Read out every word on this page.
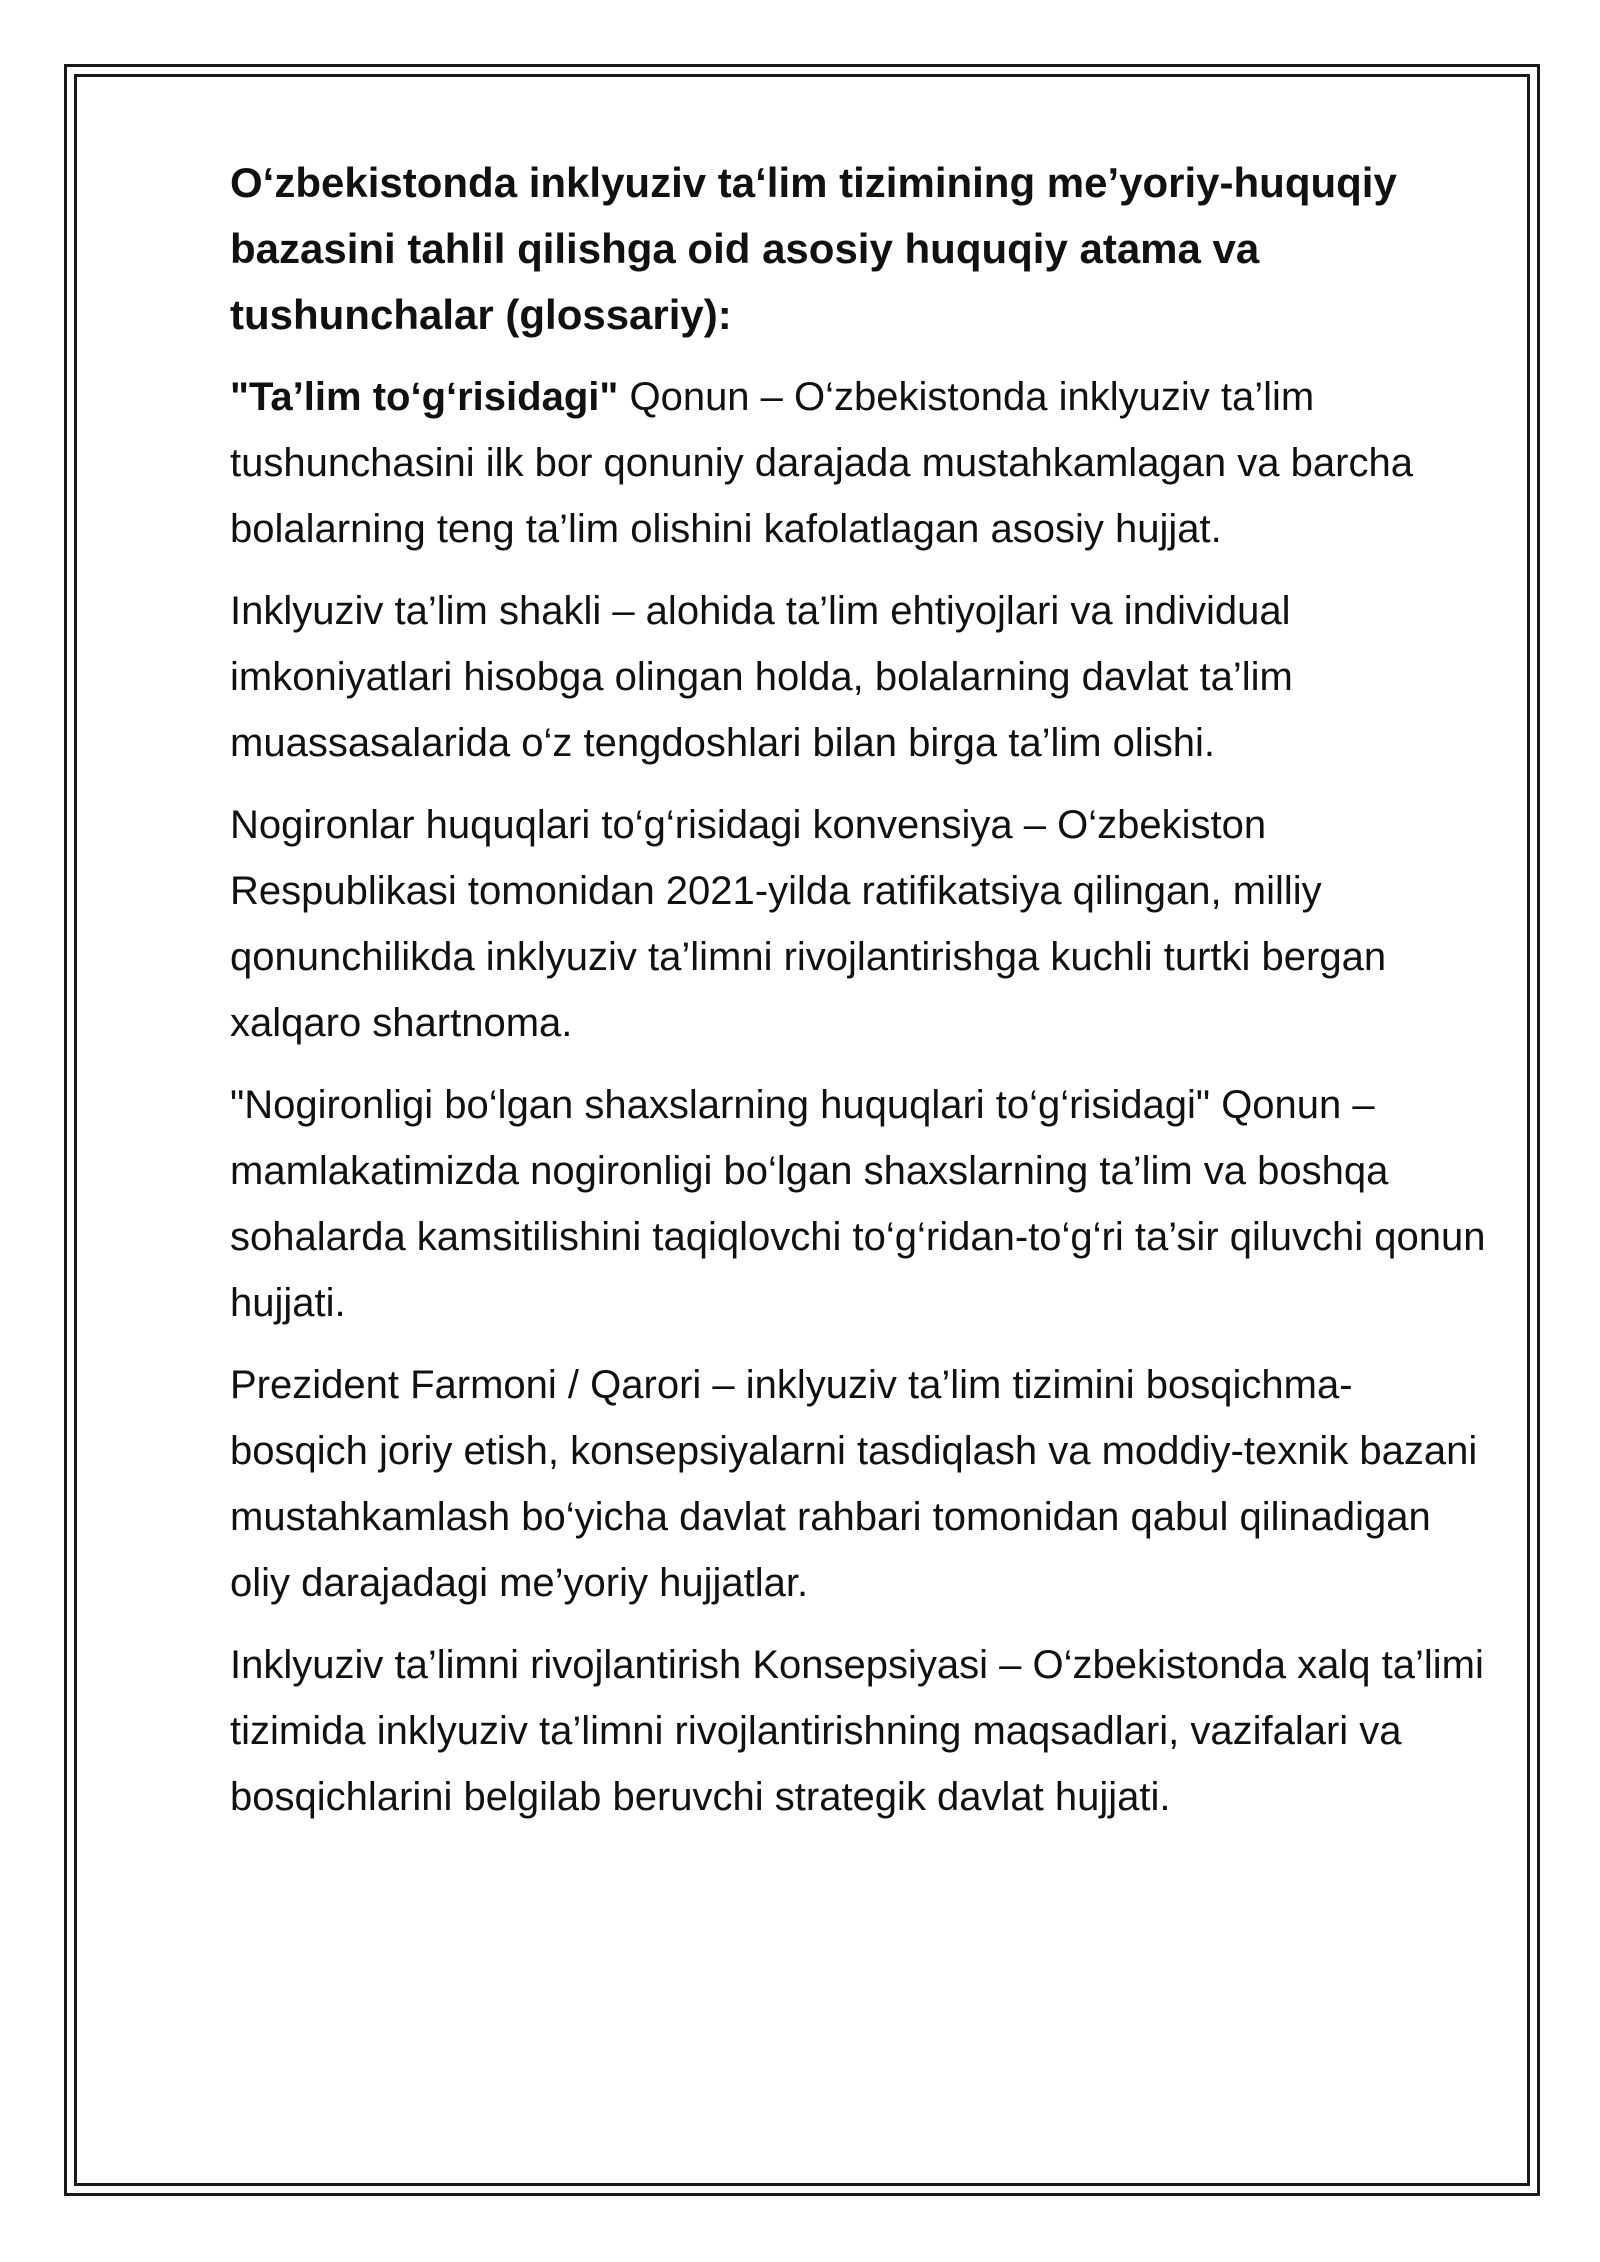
O‘zbekistonda inklyuziv ta‘lim tizimining me’yoriy-huquqiy bazasini tahlil qilishga oid asosiy huquqiy atama va tushunchalar (glossariy):

"Ta’lim to‘g‘risidagi" Qonun – O‘zbekistonda inklyuziv ta’lim tushunchasini ilk bor qonuniy darajada mustahkamlagan va barcha bolalarning teng ta’lim olishini kafolatlagan asosiy hujjat.

Inklyuziv ta’lim shakli – alohida ta’lim ehtiyojlari va individual imkoniyatlari hisobga olingan holda, bolalarning davlat ta’lim muassasalarida o‘z tengdoshlari bilan birga ta’lim olishi.

Nogironlar huquqlari to‘g‘risidagi konvensiya – O‘zbekiston Respublikasi tomonidan 2021-yilda ratifikatsiya qilingan, milliy qonunchilikda inklyuziv ta’limni rivojlantirishga kuchli turtki bergan xalqaro shartnoma.

"Nogironligi bo‘lgan shaxslarning huquqlari to‘g‘risidagi" Qonun – mamlakatimizda nogironligi bo‘lgan shaxslarning ta’lim va boshqa sohalarda kamsitilishini taqiqlovchi to‘g‘ridan-to‘g‘ri ta’sir qiluvchi qonun hujjati.

Prezident Farmoni / Qarori – inklyuziv ta’lim tizimini bosqichma-bosqich joriy etish, konsepsiyalarni tasdiqlash va moddiy-texnik bazani mustahkamlash bo‘yicha davlat rahbari tomonidan qabul qilinadigan oliy darajadagi me’yoriy hujjatlar.

Inklyuziv ta’limni rivojlantirish Konsepsiyasi – O‘zbekistonda xalq ta’limi tizimida inklyuziv ta’limni rivojlantirishning maqsadlari, vazifalari va bosqichlarini belgilab beruvchi strategik davlat hujjati.
